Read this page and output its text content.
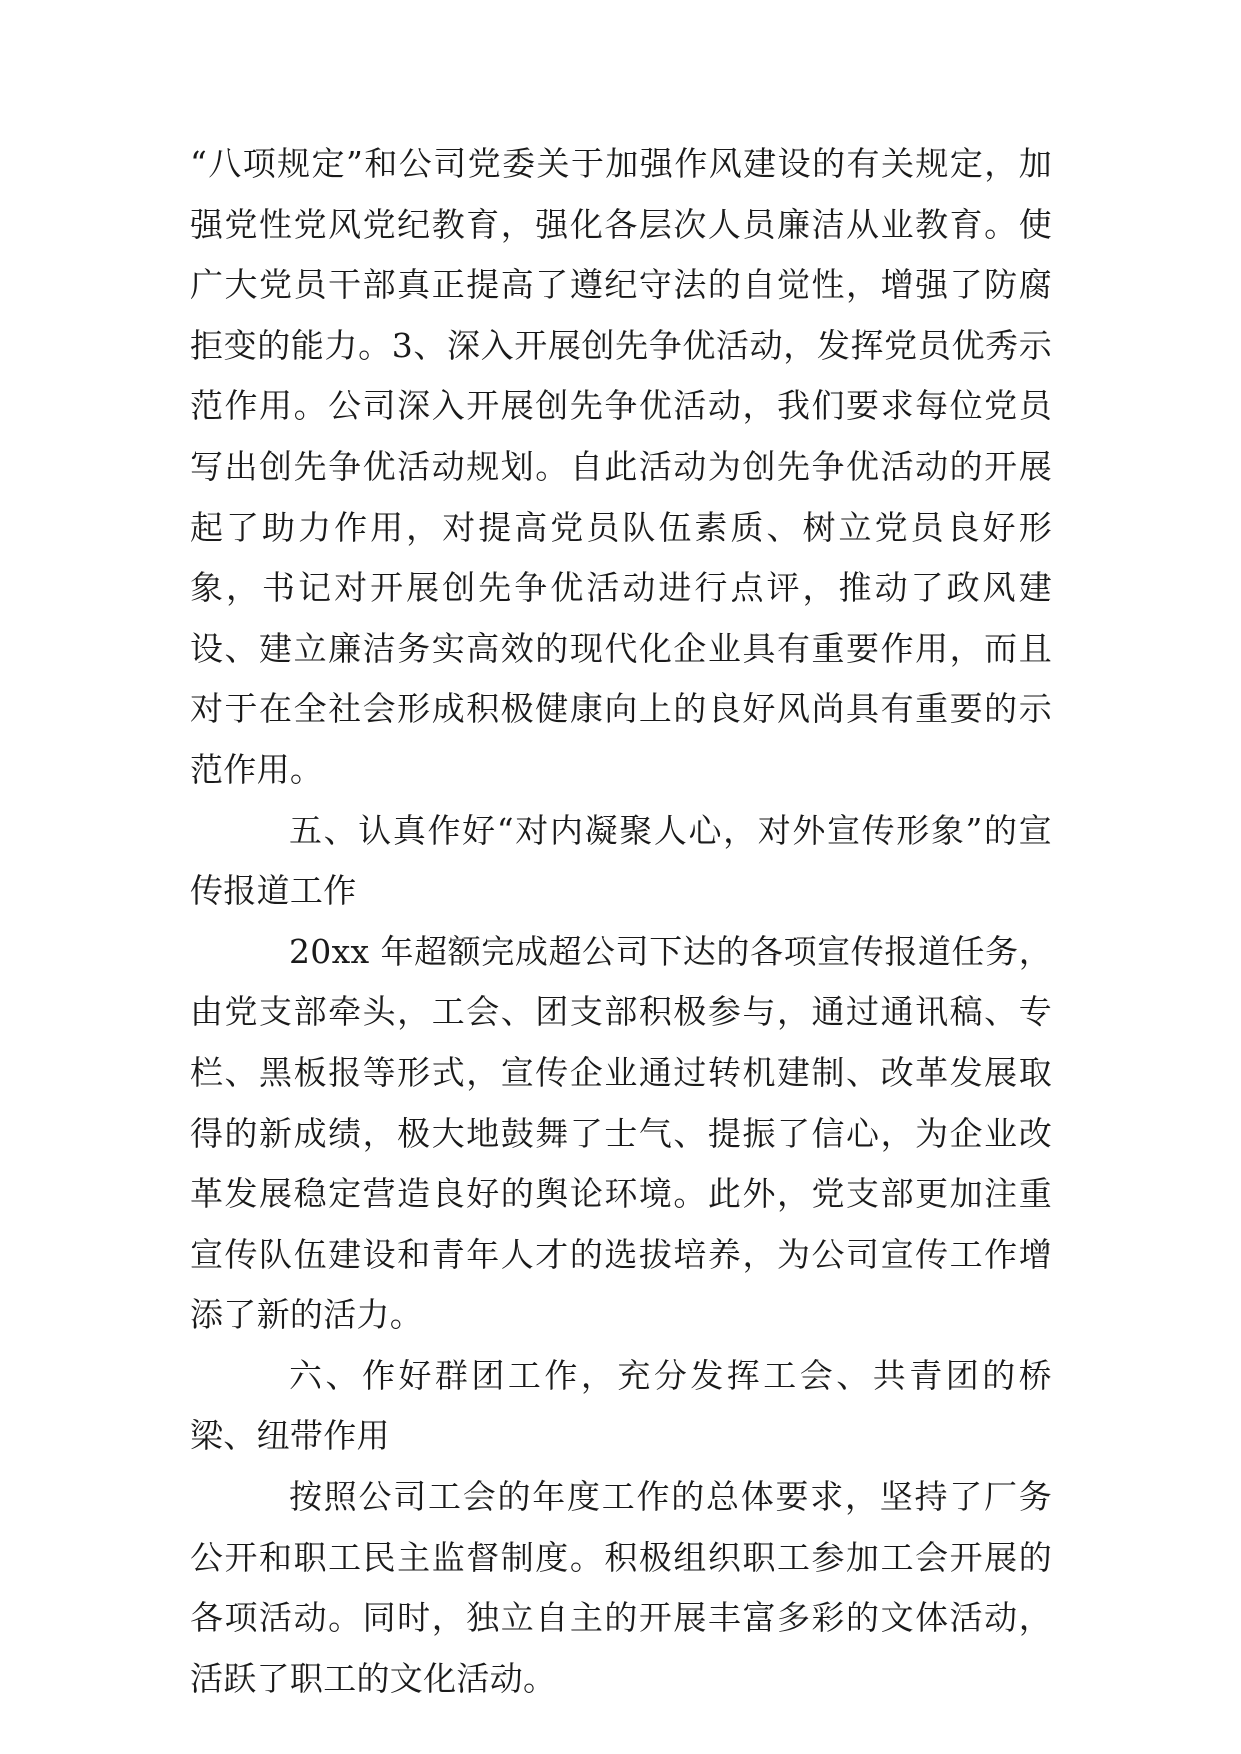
“八项规定”和公司党委关于加强作风建设的有关规定，加强党性党风党纪教育，强化各层次人员廉洁从业教育。使广大党员干部真正提高了遵纪守法的自觉性，增强了防腐拒变的能力。3、深入开展创先争优活动，发挥党员优秀示范作用。公司深入开展创先争优活动，我们要求每位党员写出创先争优活动规划。自此活动为创先争优活动的开展起了助力作用，对提高党员队伍素质、树立党员良好形象，书记对开展创先争优活动进行点评，推动了政风建设、建立廉洁务实高效的现代化企业具有重要作用，而且对于在全社会形成积极健康向上的良好风尚具有重要的示范作用。

五、认真作好“对内凝聚人心，对外宣传形象”的宣传报道工作

20xx 年超额完成超公司下达的各项宣传报道任务，由党支部牵头，工会、团支部积极参与，通过通讯稿、专栏、黑板报等形式，宣传企业通过转机建制、改革发展取得的新成绩，极大地鼓舞了士气、提振了信心，为企业改革发展稳定营造良好的舆论环境。此外，党支部更加注重宣传队伍建设和青年人才的选拔培养，为公司宣传工作增添了新的活力。

六、作好群团工作，充分发挥工会、共青团的桥梁、纽带作用

按照公司工会的年度工作的总体要求，坚持了厂务公开和职工民主监督制度。积极组织职工参加工会开展的各项活动。同时，独立自主的开展丰富多彩的文体活动，活跃了职工的文化活动。
